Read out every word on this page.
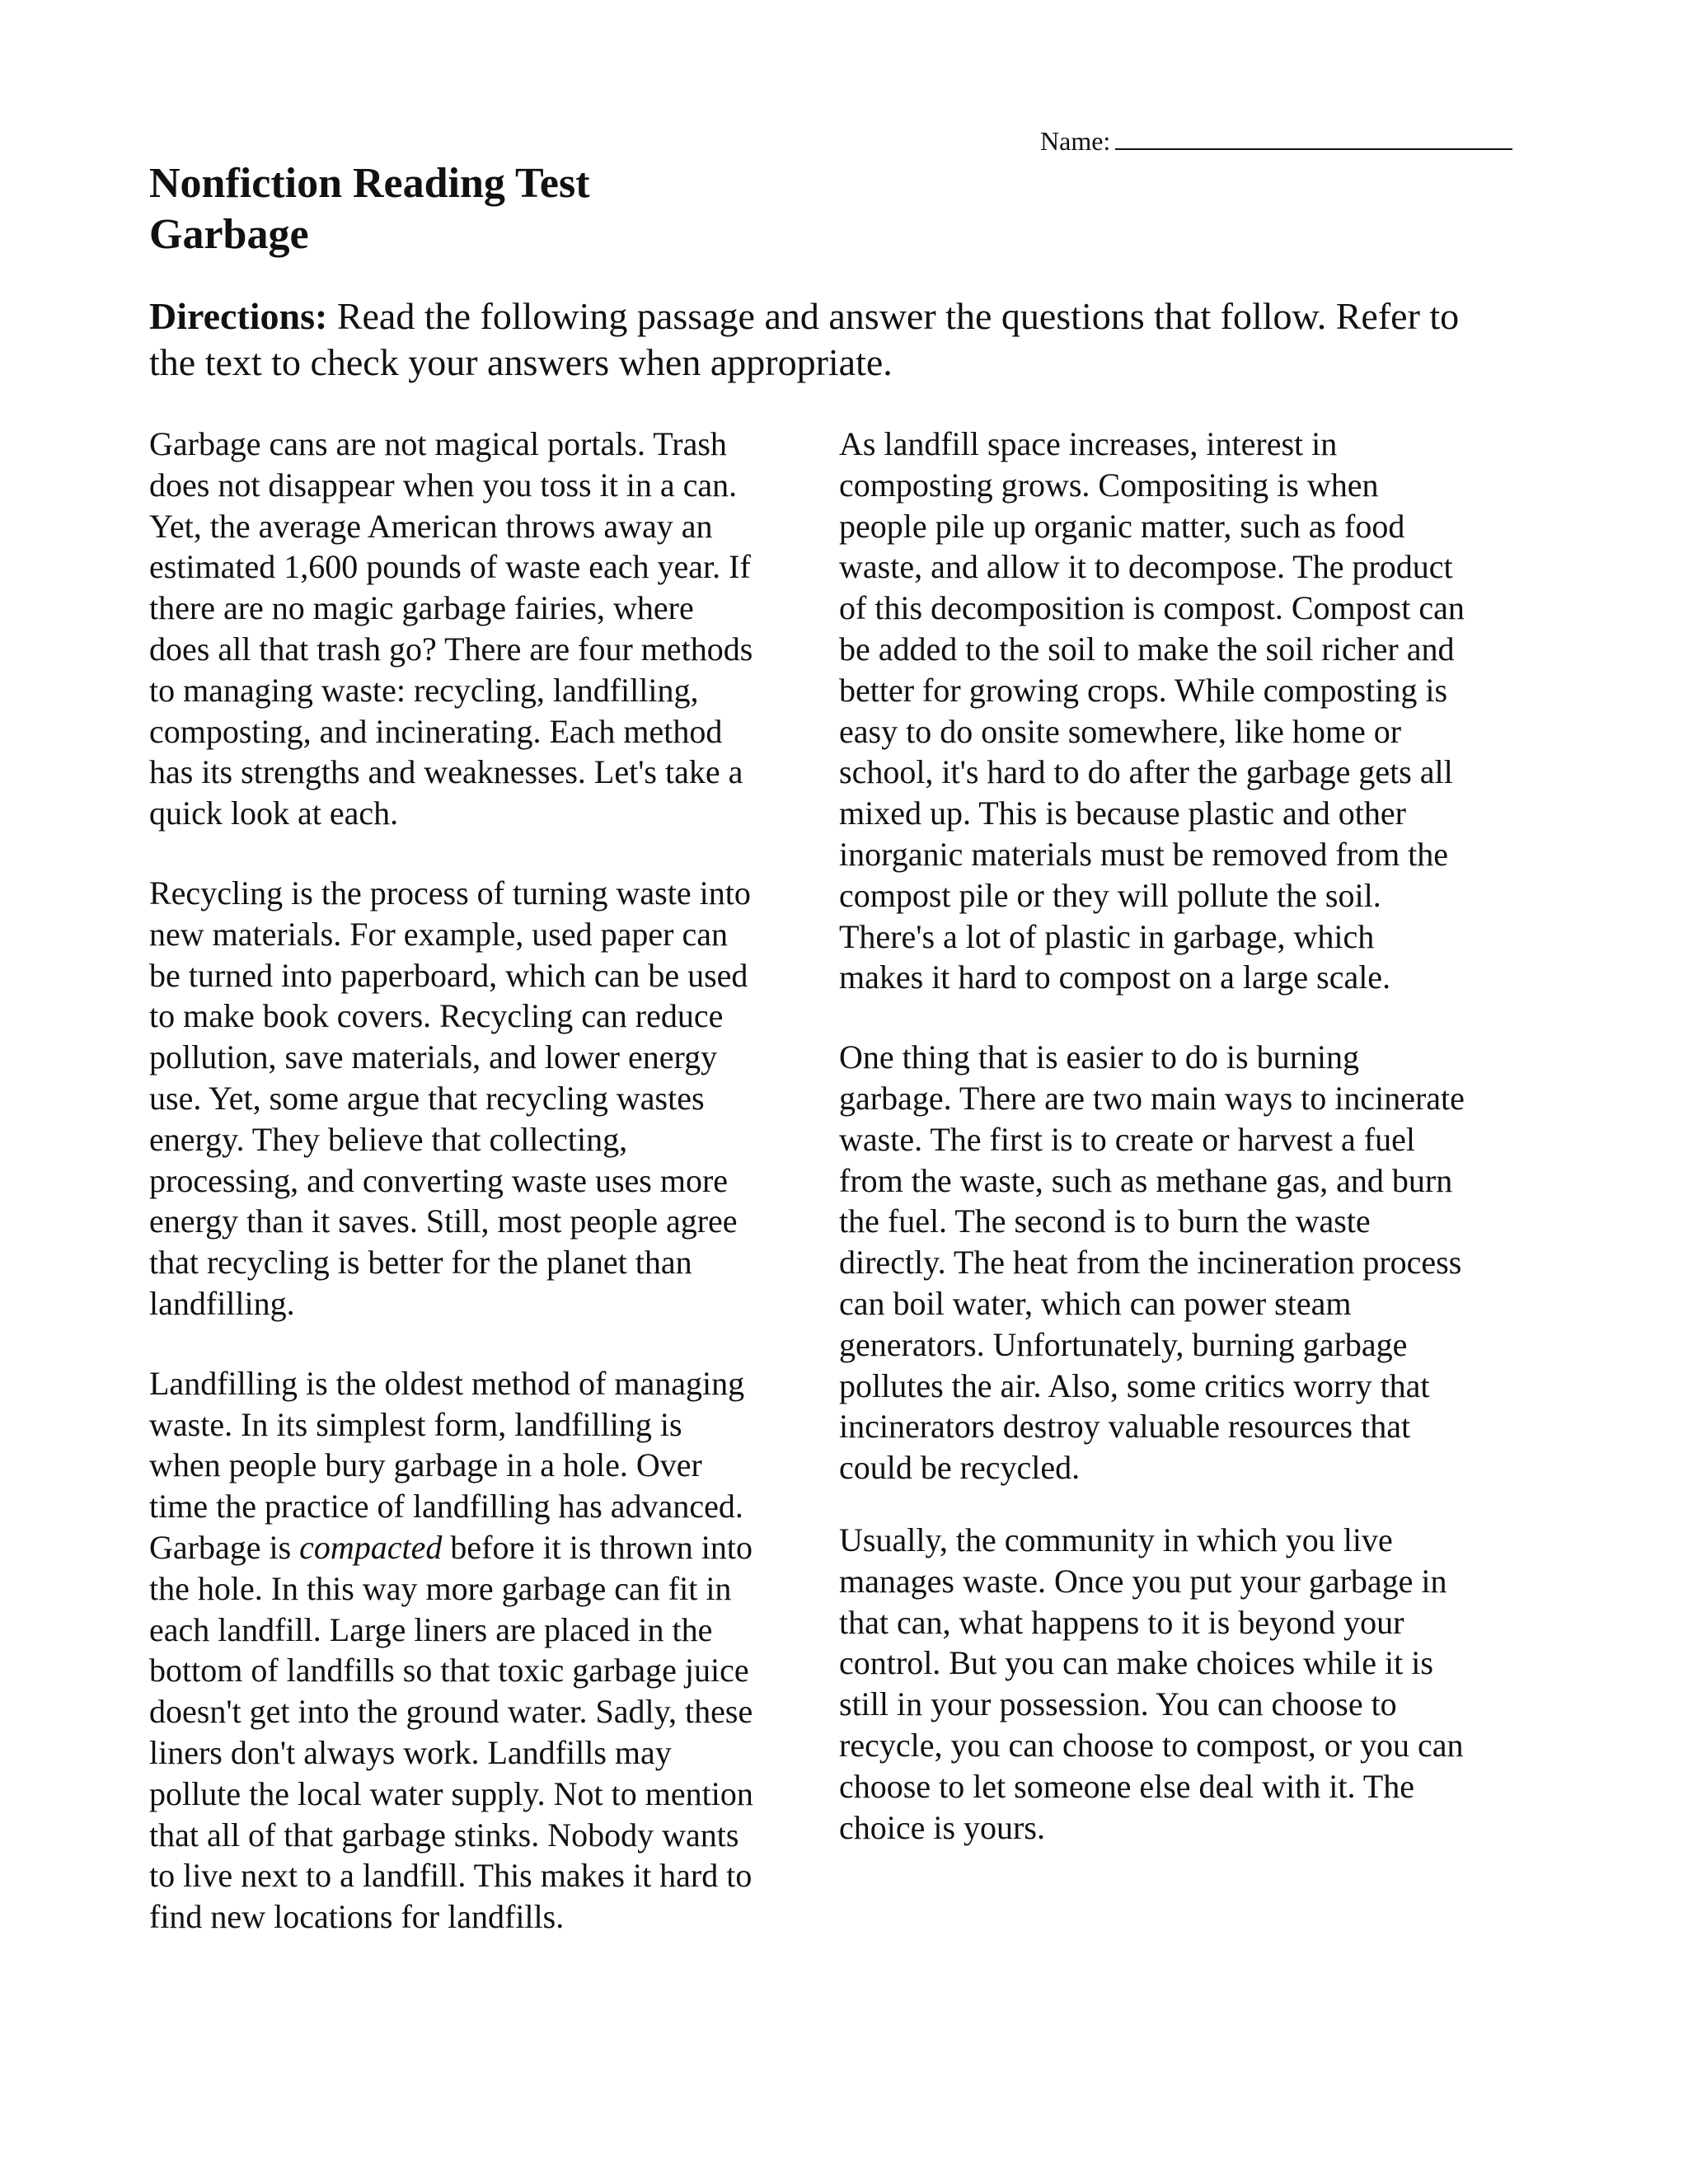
Name:
Nonfiction Reading Test
Garbage
Directions: Read the following passage and answer the questions that follow. Refer to
the text to check your answers when appropriate.
Garbage cans are not magical portals. Trash
does not disappear when you toss it in a can.
Yet, the average American throws away an
estimated 1,600 pounds of waste each year. If
there are no magic garbage fairies, where
does all that trash go? There are four methods
to managing waste: recycling, landfilling,
composting, and incinerating. Each method
has its strengths and weaknesses. Let's take a
quick look at each.
Recycling is the process of turning waste into
new materials. For example, used paper can
be turned into paperboard, which can be used
to make book covers. Recycling can reduce
pollution, save materials, and lower energy
use. Yet, some argue that recycling wastes
energy. They believe that collecting,
processing, and converting waste uses more
energy than it saves. Still, most people agree
that recycling is better for the planet than
landfilling.
Landfilling is the oldest method of managing
waste. In its simplest form, landfilling is
when people bury garbage in a hole. Over
time the practice of landfilling has advanced.
Garbage is compacted before it is thrown into
the hole. In this way more garbage can fit in
each landfill. Large liners are placed in the
bottom of landfills so that toxic garbage juice
doesn't get into the ground water. Sadly, these
liners don't always work. Landfills may
pollute the local water supply. Not to mention
that all of that garbage stinks. Nobody wants
to live next to a landfill. This makes it hard to
find new locations for landfills.
As landfill space increases, interest in
composting grows. Compositing is when
people pile up organic matter, such as food
waste, and allow it to decompose. The product
of this decomposition is compost. Compost can
be added to the soil to make the soil richer and
better for growing crops. While composting is
easy to do onsite somewhere, like home or
school, it's hard to do after the garbage gets all
mixed up. This is because plastic and other
inorganic materials must be removed from the
compost pile or they will pollute the soil.
There's a lot of plastic in garbage, which
makes it hard to compost on a large scale.
One thing that is easier to do is burning
garbage. There are two main ways to incinerate
waste. The first is to create or harvest a fuel
from the waste, such as methane gas, and burn
the fuel. The second is to burn the waste
directly. The heat from the incineration process
can boil water, which can power steam
generators. Unfortunately, burning garbage
pollutes the air. Also, some critics worry that
incinerators destroy valuable resources that
could be recycled.
Usually, the community in which you live
manages waste. Once you put your garbage in
that can, what happens to it is beyond your
control. But you can make choices while it is
still in your possession. You can choose to
recycle, you can choose to compost, or you can
choose to let someone else deal with it. The
choice is yours.
